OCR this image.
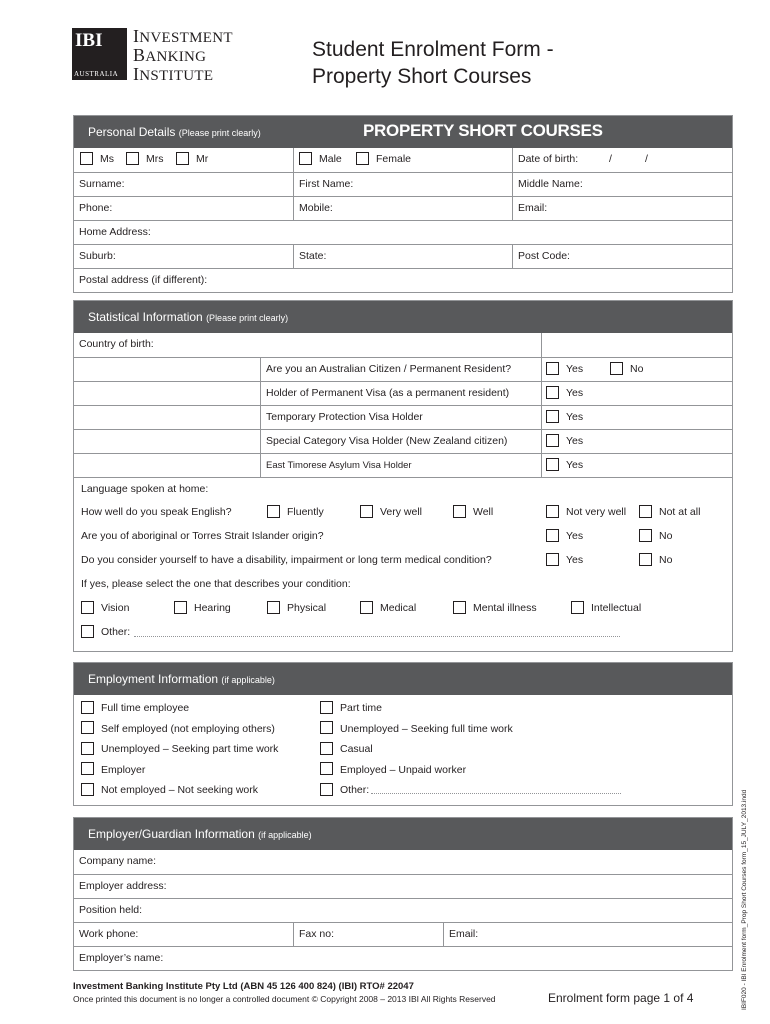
IBI
AUSTRALIA
INVESTMENT
BANKING
INSTITUTE
Student Enrolment Form -
Property Short Courses
Personal Details (Please print clearly)	PROPERTY SHORT COURSES
Ms	Mrs	Mr	Male	Female	Date of birth:	/	/
Surname:	First Name:	Middle Name:
Phone:	Mobile:	Email:
Home Address:
Suburb:	State:	Post Code:
Postal address (if different):
Statistical Information (Please print clearly)
Country of birth:
Are you an Australian Citizen / Permanent Resident?	Yes	No
Holder of Permanent Visa (as a permanent resident)	Yes
Temporary Protection Visa Holder	Yes
Special Category Visa Holder (New Zealand citizen)	Yes
East Timorese Asylum Visa Holder	Yes
Language spoken at home:
How well do you speak English?	Fluently	Very well	Well	Not very well	Not at all
Are you of aboriginal or Torres Strait Islander origin?	Yes	No
Do you consider yourself to have a disability, impairment or long term medical condition?	Yes	No
If yes, please select the one that describes your condition:
Vision	Hearing	Physical	Medical	Mental illness	Intellectual
Other:
Employment Information (if applicable)
Full time employee
Self employed (not employing others)
Unemployed – Seeking part time work
Employer
Not employed – Not seeking work
Part time
Unemployed – Seeking full time work
Casual
Employed – Unpaid worker
Other:
Employer/Guardian Information (if applicable)
Company name:
Employer address:
Position held:
Work phone:	Fax no:	Email:
Employer’s name:
Investment Banking Institute Pty Ltd (ABN 45 126 400 824) (IBI) RTO# 22047
Once printed this document is no longer a controlled document © Copyright 2008 – 2013 IBI All Rights Reserved	Enrolment form page 1 of 4	IBIF020 - IBI Enrolment form_Prop Short Courses form_15_JULY_2013.indd
